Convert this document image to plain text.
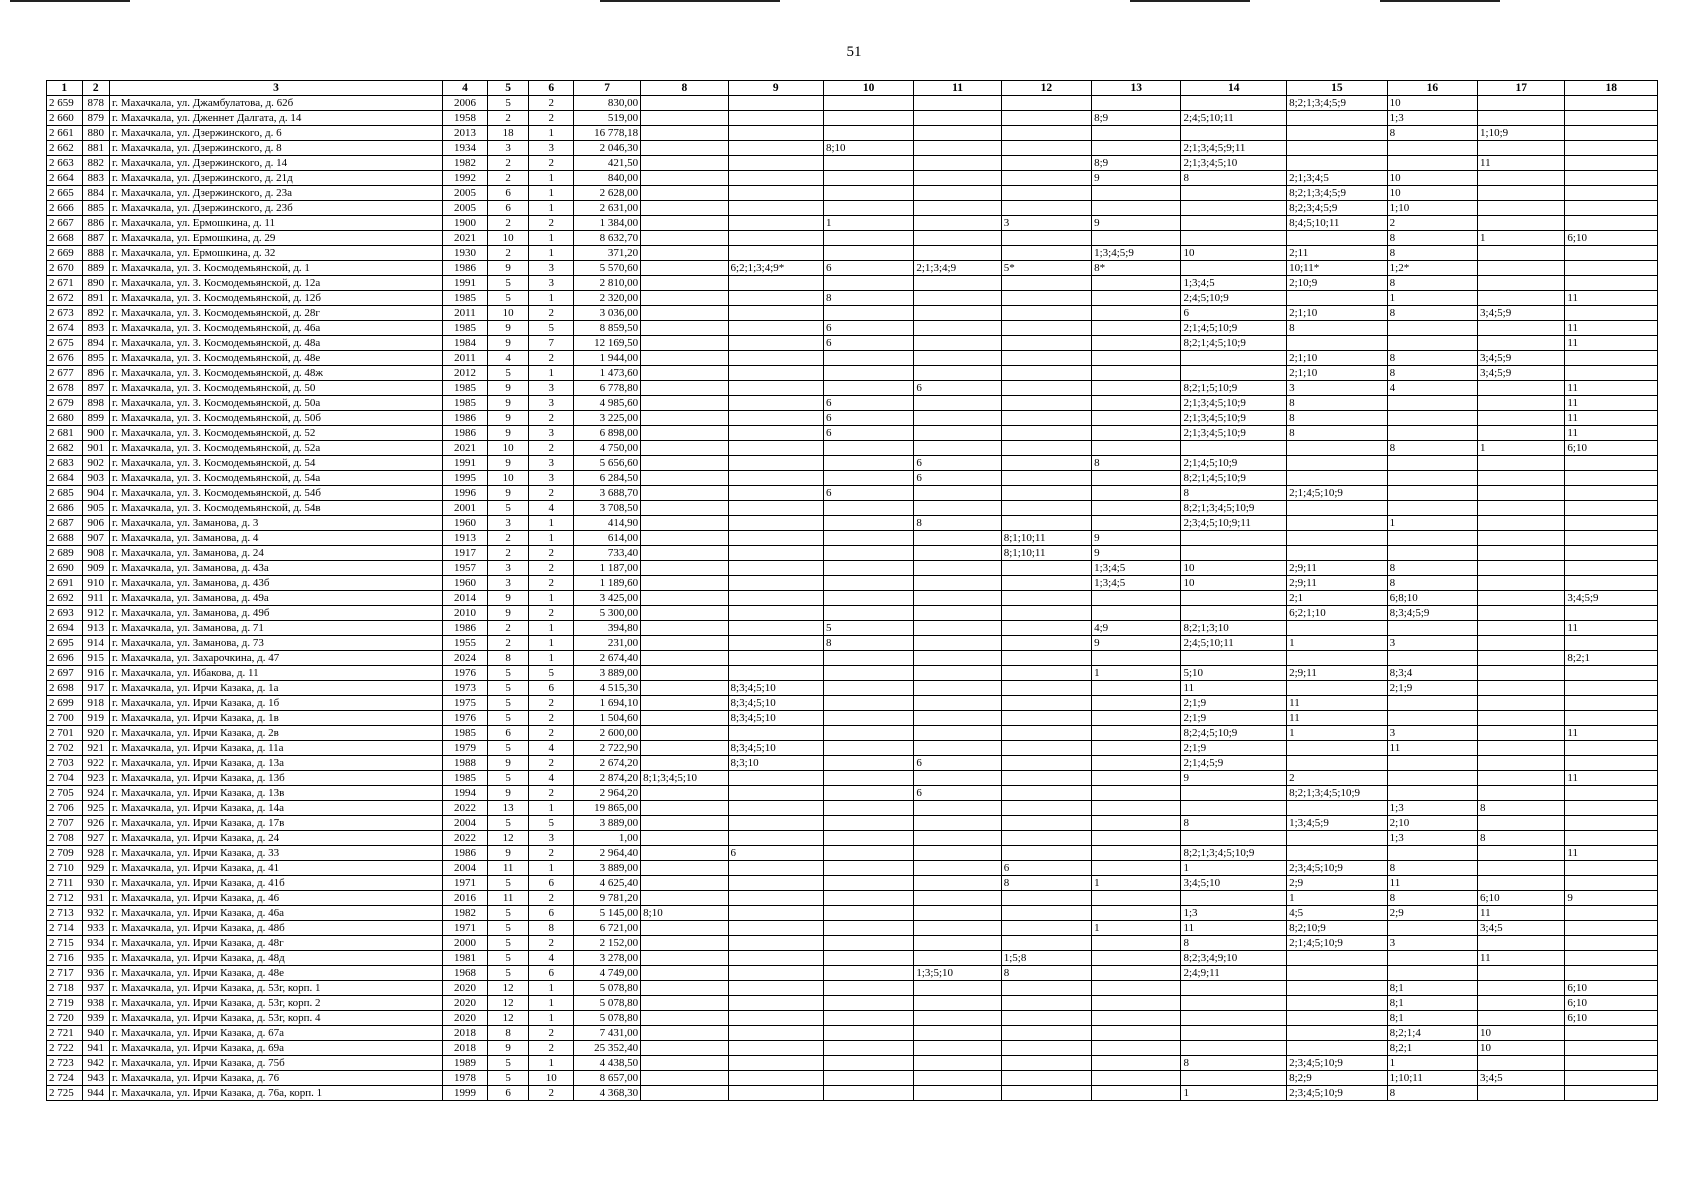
51
1	2	3	4	5	6	7	8	9	10	11	12	13	14	15	16	17	18
2 659	878	г. Махачкала, ул. Джамбулатова, д. 62б	2006	5	2	830,00								8;2;1;3;4;5;9	10		
2 660	879	г. Махачкала, ул. Дженнет Далгата, д. 14	1958	2	2	519,00						8;9	2;4;5;10;11		1;3		
2 661	880	г. Махачкала, ул. Дзержинского, д. 6	2013	18	1	16 778,18									8	1;10;9	
2 662	881	г. Махачкала, ул. Дзержинского, д. 8	1934	3	3	2 046,30			8;10				2;1;3;4;5;9;11				
2 663	882	г. Махачкала, ул. Дзержинского, д. 14	1982	2	2	421,50						8;9	2;1;3;4;5;10			11	
2 664	883	г. Махачкала, ул. Дзержинского, д. 21д	1992	2	1	840,00						9	8	2;1;3;4;5	10		
2 665	884	г. Махачкала, ул. Дзержинского, д. 23а	2005	6	1	2 628,00								8;2;1;3;4;5;9	10		
2 666	885	г. Махачкала, ул. Дзержинского, д. 23б	2005	6	1	2 631,00								8;2;3;4;5;9	1;10		
2 667	886	г. Махачкала, ул. Ермошкина, д. 11	1900	2	2	1 384,00			1		3	9		8;4;5;10;11	2		
2 668	887	г. Махачкала, ул. Ермошкина, д. 29	2021	10	1	8 632,70									8	1	6;10
2 669	888	г. Махачкала, ул. Ермошкина, д. 32	1930	2	1	371,20						1;3;4;5;9	10	2;11	8		
2 670	889	г. Махачкала, ул. З. Космодемьянской, д. 1	1986	9	3	5 570,60		6;2;1;3;4;9*	6	2;1;3;4;9	5*	8*		10;11*	1;2*		
2 671	890	г. Махачкала, ул. З. Космодемьянской, д. 12а	1991	5	3	2 810,00							1;3;4;5	2;10;9	8		
2 672	891	г. Махачкала, ул. З. Космодемьянской, д. 12б	1985	5	1	2 320,00			8				2;4;5;10;9		1		11
2 673	892	г. Махачкала, ул. З. Космодемьянской, д. 28г	2011	10	2	3 036,00							6	2;1;10	8	3;4;5;9	
2 674	893	г. Махачкала, ул. З. Космодемьянской, д. 46а	1985	9	5	8 859,50			6				2;1;4;5;10;9	8			11
2 675	894	г. Махачкала, ул. З. Космодемьянской, д. 48а	1984	9	7	12 169,50			6				8;2;1;4;5;10;9				11
2 676	895	г. Махачкала, ул. З. Космодемьянской, д. 48е	2011	4	2	1 944,00								2;1;10	8	3;4;5;9	
2 677	896	г. Махачкала, ул. З. Космодемьянской, д. 48ж	2012	5	1	1 473,60								2;1;10	8	3;4;5;9	
2 678	897	г. Махачкала, ул. З. Космодемьянской, д. 50	1985	9	3	6 778,80				6			8;2;1;5;10;9	3	4		11
2 679	898	г. Махачкала, ул. З. Космодемьянской, д. 50а	1985	9	3	4 985,60			6				2;1;3;4;5;10;9	8			11
2 680	899	г. Махачкала, ул. З. Космодемьянской, д. 50б	1986	9	2	3 225,00			6				2;1;3;4;5;10;9	8			11
2 681	900	г. Махачкала, ул. З. Космодемьянской, д. 52	1986	9	3	6 898,00			6				2;1;3;4;5;10;9	8			11
2 682	901	г. Махачкала, ул. З. Космодемьянской, д. 52а	2021	10	2	4 750,00									8	1	6;10
2 683	902	г. Махачкала, ул. З. Космодемьянской, д. 54	1991	9	3	5 656,60				6		8	2;1;4;5;10;9				
2 684	903	г. Махачкала, ул. З. Космодемьянской, д. 54а	1995	10	3	6 284,50				6			8;2;1;4;5;10;9				
2 685	904	г. Махачкала, ул. З. Космодемьянской, д. 54б	1996	9	2	3 688,70			6				8	2;1;4;5;10;9			
2 686	905	г. Махачкала, ул. З. Космодемьянской, д. 54в	2001	5	4	3 708,50							8;2;1;3;4;5;10;9				
2 687	906	г. Махачкала, ул. Заманова, д. 3	1960	3	1	414,90				8			2;3;4;5;10;9;11		1		
2 688	907	г. Махачкала, ул. Заманова, д. 4	1913	2	1	614,00					8;1;10;11	9					
2 689	908	г. Махачкала, ул. Заманова, д. 24	1917	2	2	733,40					8;1;10;11	9					
2 690	909	г. Махачкала, ул. Заманова, д. 43а	1957	3	2	1 187,00						1;3;4;5	10	2;9;11	8		
2 691	910	г. Махачкала, ул. Заманова, д. 43б	1960	3	2	1 189,60						1;3;4;5	10	2;9;11	8		
2 692	911	г. Махачкала, ул. Заманова, д. 49а	2014	9	1	3 425,00								2;1	6;8;10		3;4;5;9
2 693	912	г. Махачкала, ул. Заманова, д. 49б	2010	9	2	5 300,00								6;2;1;10	8;3;4;5;9		
2 694	913	г. Махачкала, ул. Заманова, д. 71	1986	2	1	394,80			5			4;9	8;2;1;3;10				11
2 695	914	г. Махачкала, ул. Заманова, д. 73	1955	2	1	231,00			8			9	2;4;5;10;11	1	3		
2 696	915	г. Махачкала, ул. Захарочкина, д. 47	2024	8	1	2 674,40											8;2;1
2 697	916	г. Махачкала, ул. Ибакова, д. 11	1976	5	5	3 889,00						1	5;10	2;9;11	8;3;4		
2 698	917	г. Махачкала, ул. Ирчи Казака, д. 1а	1973	5	6	4 515,30		8;3;4;5;10					11		2;1;9		
2 699	918	г. Махачкала, ул. Ирчи Казака, д. 1б	1975	5	2	1 694,10		8;3;4;5;10					2;1;9	11			
2 700	919	г. Махачкала, ул. Ирчи Казака, д. 1в	1976	5	2	1 504,60		8;3;4;5;10					2;1;9	11			
2 701	920	г. Махачкала, ул. Ирчи Казака, д. 2в	1985	6	2	2 600,00							8;2;4;5;10;9	1	3		11
2 702	921	г. Махачкала, ул. Ирчи Казака, д. 11а	1979	5	4	2 722,90		8;3;4;5;10					2;1;9		11		
2 703	922	г. Махачкала, ул. Ирчи Казака, д. 13а	1988	9	2	2 674,20		8;3;10		6			2;1;4;5;9				
2 704	923	г. Махачкала, ул. Ирчи Казака, д. 13б	1985	5	4	2 874,20	8;1;3;4;5;10						9	2			11
2 705	924	г. Махачкала, ул. Ирчи Казака, д. 13в	1994	9	2	2 964,20				6				8;2;1;3;4;5;10;9			
2 706	925	г. Махачкала, ул. Ирчи Казака, д. 14а	2022	13	1	19 865,00									1;3	8	
2 707	926	г. Махачкала, ул. Ирчи Казака, д. 17в	2004	5	5	3 889,00							8	1;3;4;5;9	2;10		
2 708	927	г. Махачкала, ул. Ирчи Казака, д. 24	2022	12	3	1,00									1;3	8	
2 709	928	г. Махачкала, ул. Ирчи Казака, д. 33	1986	9	2	2 964,40		6					8;2;1;3;4;5;10;9				11
2 710	929	г. Махачкала, ул. Ирчи Казака, д. 41	2004	11	1	3 889,00					6		1	2;3;4;5;10;9	8		
2 711	930	г. Махачкала, ул. Ирчи Казака, д. 41б	1971	5	6	4 625,40					8	1	3;4;5;10	2;9	11		
2 712	931	г. Махачкала, ул. Ирчи Казака, д. 46	2016	11	2	9 781,20								1	8	6;10	9
2 713	932	г. Махачкала, ул. Ирчи Казака, д. 46а	1982	5	6	5 145,00	8;10						1;3	4;5	2;9	11	
2 714	933	г. Махачкала, ул. Ирчи Казака, д. 48б	1971	5	8	6 721,00						1	11	8;2;10;9		3;4;5	
2 715	934	г. Махачкала, ул. Ирчи Казака, д. 48г	2000	5	2	2 152,00							8	2;1;4;5;10;9	3		
2 716	935	г. Махачкала, ул. Ирчи Казака, д. 48д	1981	5	4	3 278,00					1;5;8		8;2;3;4;9;10			11	
2 717	936	г. Махачкала, ул. Ирчи Казака, д. 48е	1968	5	6	4 749,00				1;3;5;10	8		2;4;9;11				
2 718	937	г. Махачкала, ул. Ирчи Казака, д. 53г, корп. 1	2020	12	1	5 078,80									8;1		6;10
2 719	938	г. Махачкала, ул. Ирчи Казака, д. 53г, корп. 2	2020	12	1	5 078,80									8;1		6;10
2 720	939	г. Махачкала, ул. Ирчи Казака, д. 53г, корп. 4	2020	12	1	5 078,80									8;1		6;10
2 721	940	г. Махачкала, ул. Ирчи Казака, д. 67а	2018	8	2	7 431,00									8;2;1;4	10	
2 722	941	г. Махачкала, ул. Ирчи Казака, д. 69а	2018	9	2	25 352,40									8;2;1	10	
2 723	942	г. Махачкала, ул. Ирчи Казака, д. 75б	1989	5	1	4 438,50							8	2;3;4;5;10;9	1		
2 724	943	г. Махачкала, ул. Ирчи Казака, д. 76	1978	5	10	8 657,00								8;2;9	1;10;11	3;4;5	
2 725	944	г. Махачкала, ул. Ирчи Казака, д. 76а, корп. 1	1999	6	2	4 368,30							1	2;3;4;5;10;9	8		
